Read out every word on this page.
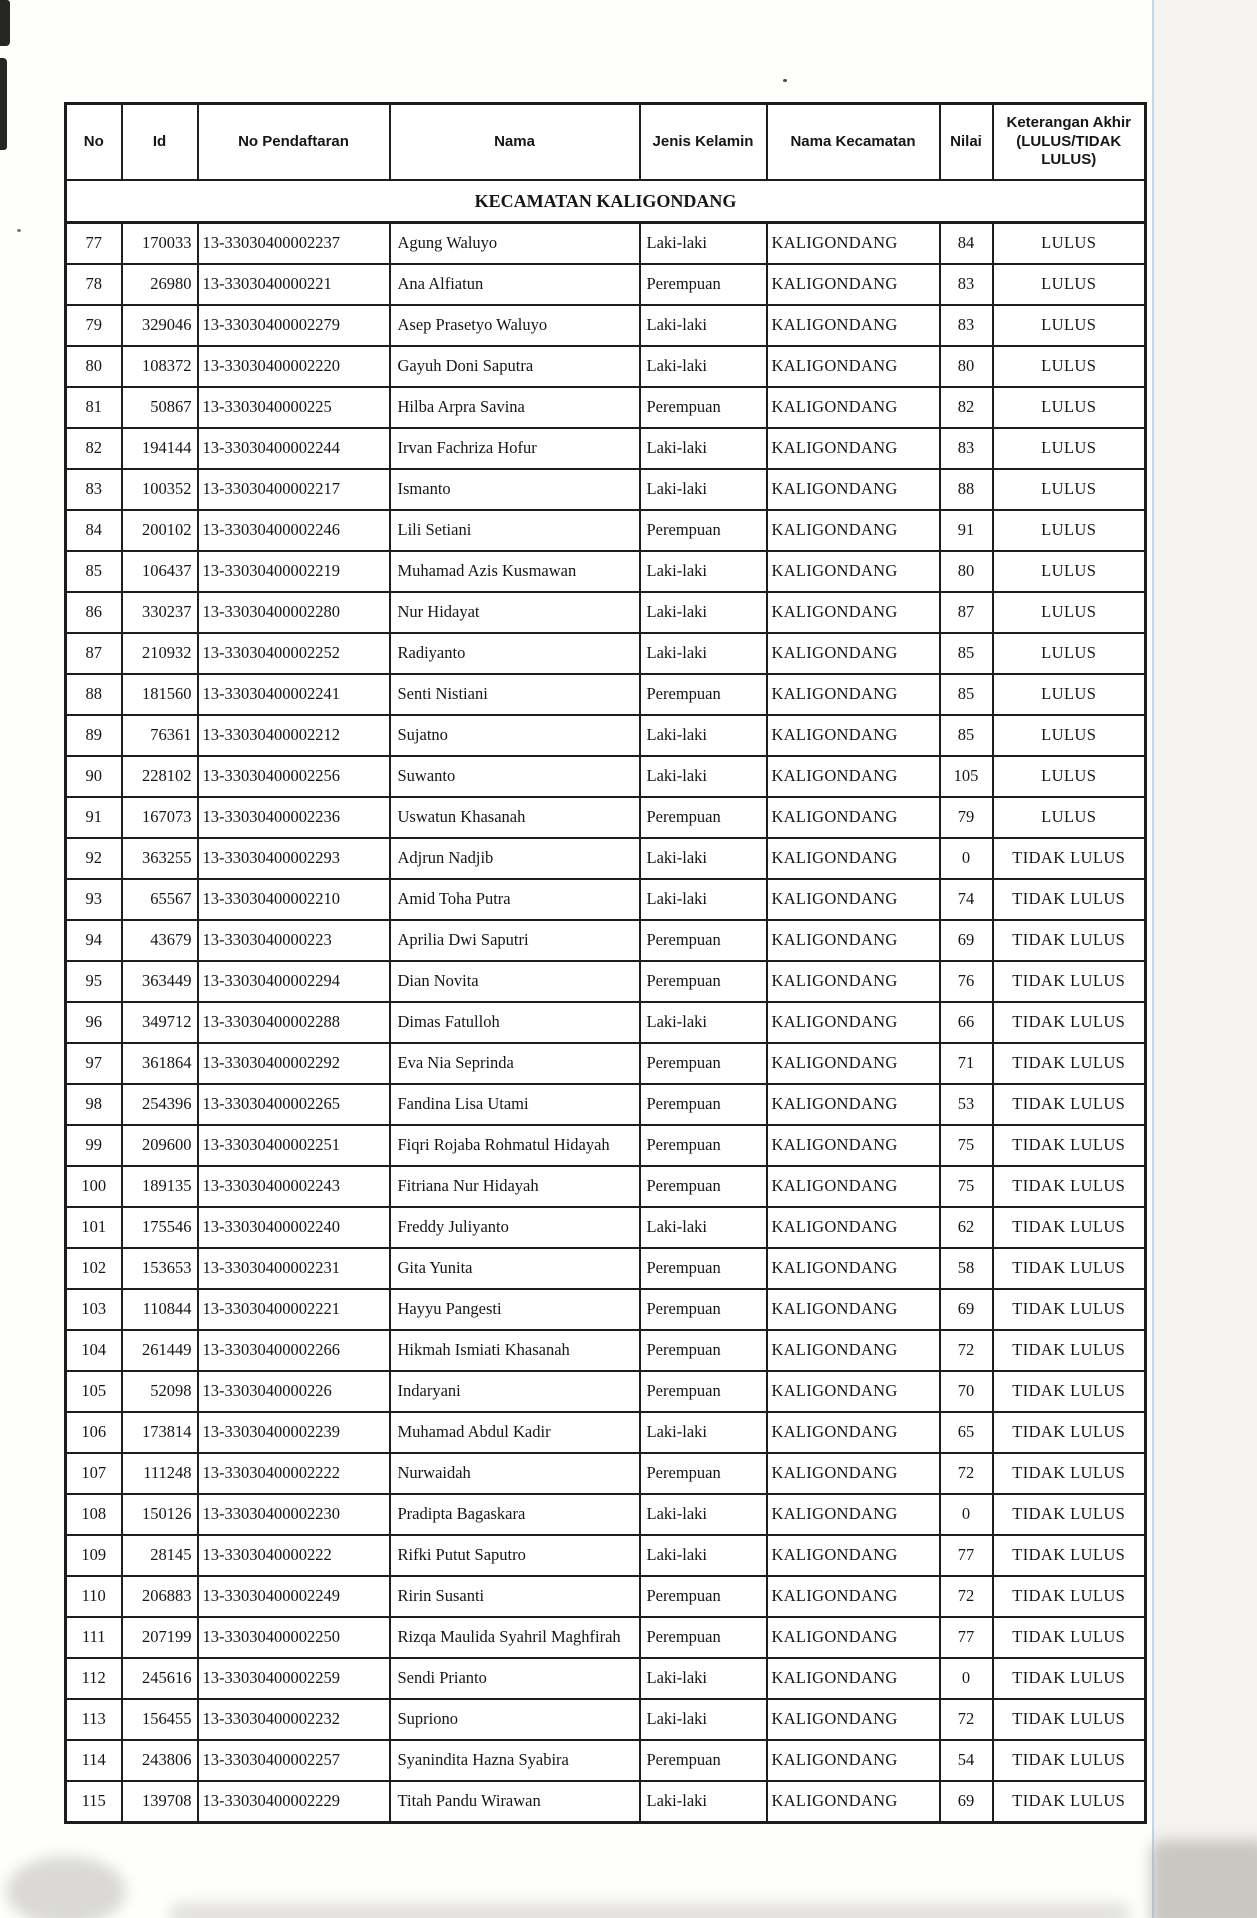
No	Id	No Pendaftaran	Nama	Jenis Kelamin	Nama Kecamatan	Nilai	Keterangan Akhir (LULUS/TIDAK LULUS)
KECAMATAN KALIGONDANG							
77	170033	13-33030400002237	Agung Waluyo	Laki-laki	KALIGONDANG	84	LULUS
78	26980	13-3303040000221	Ana Alfiatun	Perempuan	KALIGONDANG	83	LULUS
79	329046	13-33030400002279	Asep Prasetyo Waluyo	Laki-laki	KALIGONDANG	83	LULUS
80	108372	13-33030400002220	Gayuh Doni Saputra	Laki-laki	KALIGONDANG	80	LULUS
81	50867	13-3303040000225	Hilba Arpra Savina	Perempuan	KALIGONDANG	82	LULUS
82	194144	13-33030400002244	Irvan Fachriza Hofur	Laki-laki	KALIGONDANG	83	LULUS
83	100352	13-33030400002217	Ismanto	Laki-laki	KALIGONDANG	88	LULUS
84	200102	13-33030400002246	Lili Setiani	Perempuan	KALIGONDANG	91	LULUS
85	106437	13-33030400002219	Muhamad Azis Kusmawan	Laki-laki	KALIGONDANG	80	LULUS
86	330237	13-33030400002280	Nur Hidayat	Laki-laki	KALIGONDANG	87	LULUS
87	210932	13-33030400002252	Radiyanto	Laki-laki	KALIGONDANG	85	LULUS
88	181560	13-33030400002241	Senti Nistiani	Perempuan	KALIGONDANG	85	LULUS
89	76361	13-33030400002212	Sujatno	Laki-laki	KALIGONDANG	85	LULUS
90	228102	13-33030400002256	Suwanto	Laki-laki	KALIGONDANG	105	LULUS
91	167073	13-33030400002236	Uswatun Khasanah	Perempuan	KALIGONDANG	79	LULUS
92	363255	13-33030400002293	Adjrun Nadjib	Laki-laki	KALIGONDANG	0	TIDAK LULUS
93	65567	13-33030400002210	Amid Toha Putra	Laki-laki	KALIGONDANG	74	TIDAK LULUS
94	43679	13-3303040000223	Aprilia Dwi Saputri	Perempuan	KALIGONDANG	69	TIDAK LULUS
95	363449	13-33030400002294	Dian Novita	Perempuan	KALIGONDANG	76	TIDAK LULUS
96	349712	13-33030400002288	Dimas Fatulloh	Laki-laki	KALIGONDANG	66	TIDAK LULUS
97	361864	13-33030400002292	Eva Nia Seprinda	Perempuan	KALIGONDANG	71	TIDAK LULUS
98	254396	13-33030400002265	Fandina Lisa Utami	Perempuan	KALIGONDANG	53	TIDAK LULUS
99	209600	13-33030400002251	Fiqri Rojaba Rohmatul Hidayah	Perempuan	KALIGONDANG	75	TIDAK LULUS
100	189135	13-33030400002243	Fitriana Nur Hidayah	Perempuan	KALIGONDANG	75	TIDAK LULUS
101	175546	13-33030400002240	Freddy Juliyanto	Laki-laki	KALIGONDANG	62	TIDAK LULUS
102	153653	13-33030400002231	Gita Yunita	Perempuan	KALIGONDANG	58	TIDAK LULUS
103	110844	13-33030400002221	Hayyu Pangesti	Perempuan	KALIGONDANG	69	TIDAK LULUS
104	261449	13-33030400002266	Hikmah Ismiati Khasanah	Perempuan	KALIGONDANG	72	TIDAK LULUS
105	52098	13-3303040000226	Indaryani	Perempuan	KALIGONDANG	70	TIDAK LULUS
106	173814	13-33030400002239	Muhamad Abdul Kadir	Laki-laki	KALIGONDANG	65	TIDAK LULUS
107	111248	13-33030400002222	Nurwaidah	Perempuan	KALIGONDANG	72	TIDAK LULUS
108	150126	13-33030400002230	Pradipta Bagaskara	Laki-laki	KALIGONDANG	0	TIDAK LULUS
109	28145	13-3303040000222	Rifki Putut Saputro	Laki-laki	KALIGONDANG	77	TIDAK LULUS
110	206883	13-33030400002249	Ririn Susanti	Perempuan	KALIGONDANG	72	TIDAK LULUS
111	207199	13-33030400002250	Rizqa Maulida Syahril Maghfirah	Perempuan	KALIGONDANG	77	TIDAK LULUS
112	245616	13-33030400002259	Sendi Prianto	Laki-laki	KALIGONDANG	0	TIDAK LULUS
113	156455	13-33030400002232	Supriono	Laki-laki	KALIGONDANG	72	TIDAK LULUS
114	243806	13-33030400002257	Syanindita Hazna Syabira	Perempuan	KALIGONDANG	54	TIDAK LULUS
115	139708	13-33030400002229	Titah Pandu Wirawan	Laki-laki	KALIGONDANG	69	TIDAK LULUS
